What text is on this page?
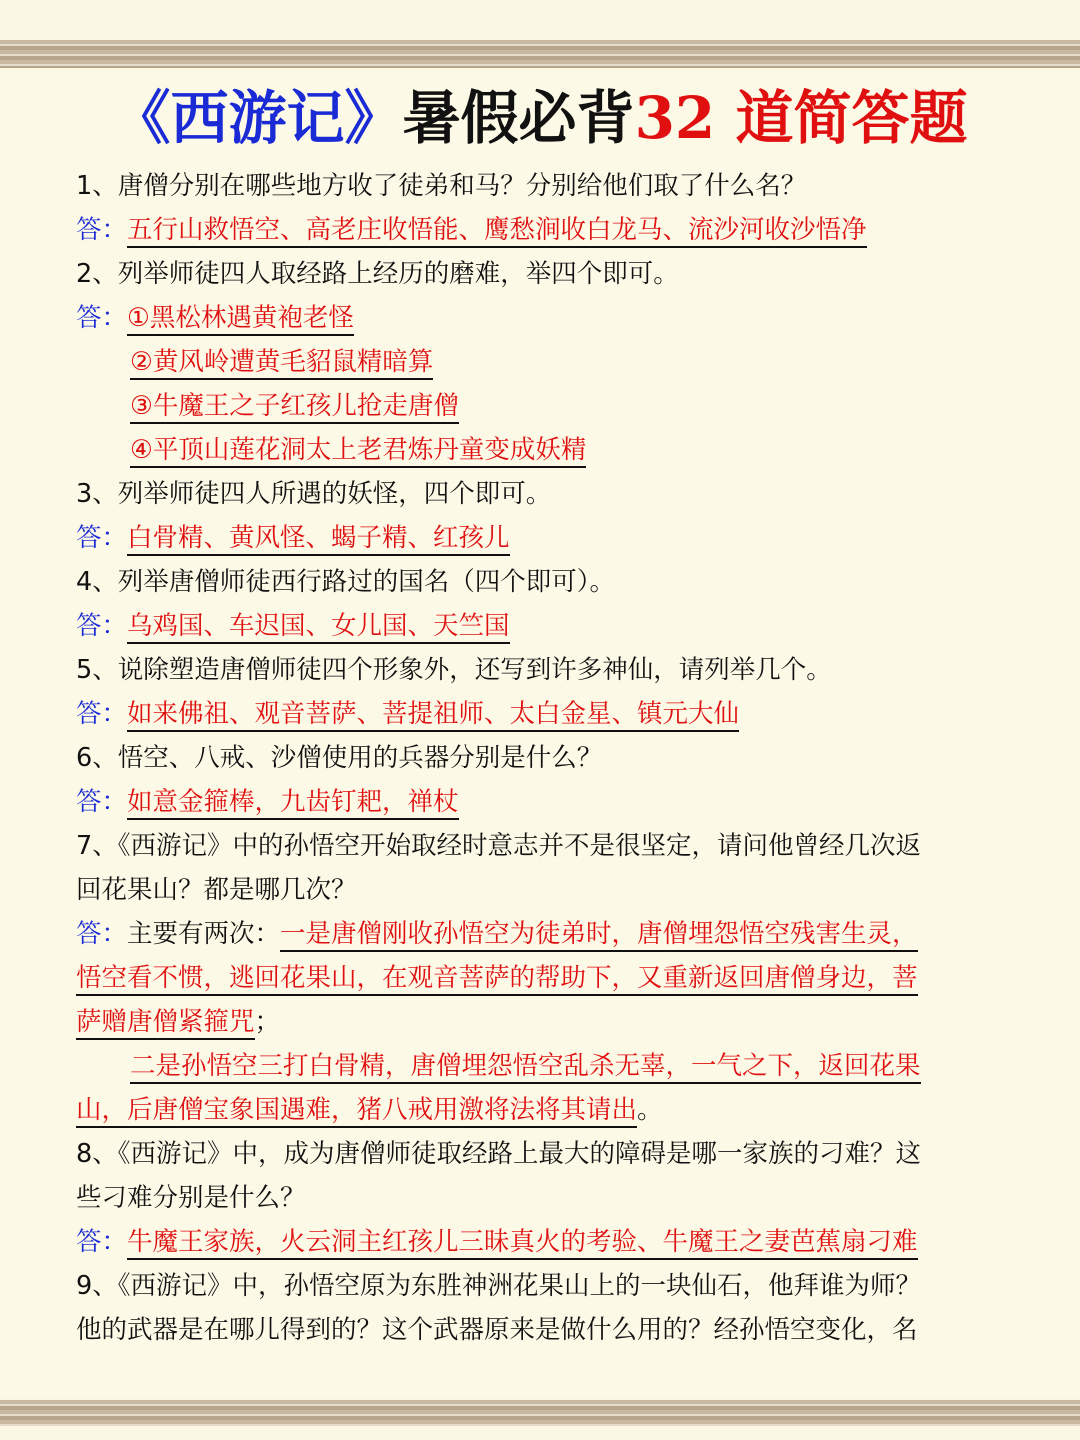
《西游记》暑假必背32 道简答题
1、唐僧分别在哪些地方收了徒弟和马？分别给他们取了什么名？
答：五行山救悟空、高老庄收悟能、鹰愁涧收白龙马、流沙河收沙悟净
2、列举师徒四人取经路上经历的磨难，举四个即可。
答：①黑松林遇黄袍老怪
②黄风岭遭黄毛貂鼠精暗算
③牛魔王之子红孩儿抢走唐僧
④平顶山莲花洞太上老君炼丹童变成妖精
3、列举师徒四人所遇的妖怪，四个即可。
答：白骨精、黄风怪、蝎子精、红孩儿
4、列举唐僧师徒西行路过的国名（四个即可）。
答：乌鸡国、车迟国、女儿国、天竺国
5、说除塑造唐僧师徒四个形象外，还写到许多神仙，请列举几个。
答：如来佛祖、观音菩萨、菩提祖师、太白金星、镇元大仙
6、悟空、八戒、沙僧使用的兵器分别是什么？
答：如意金箍棒，九齿钉耙，禅杖
7、《西游记》中的孙悟空开始取经时意志并不是很坚定，请问他曾经几次返
回花果山？都是哪几次？
答：主要有两次：一是唐僧刚收孙悟空为徒弟时，唐僧埋怨悟空残害生灵，
悟空看不惯，逃回花果山，在观音菩萨的帮助下，又重新返回唐僧身边，菩
萨赠唐僧紧箍咒；
二是孙悟空三打白骨精，唐僧埋怨悟空乱杀无辜，一气之下，返回花果
山，后唐僧宝象国遇难，猪八戒用激将法将其请出。
8、《西游记》中，成为唐僧师徒取经路上最大的障碍是哪一家族的刁难？这
些刁难分别是什么？
答：牛魔王家族，火云洞主红孩儿三昧真火的考验、牛魔王之妻芭蕉扇刁难
9、《西游记》中，孙悟空原为东胜神洲花果山上的一块仙石，他拜谁为师？
他的武器是在哪儿得到的？这个武器原来是做什么用的？经孙悟空变化，名
